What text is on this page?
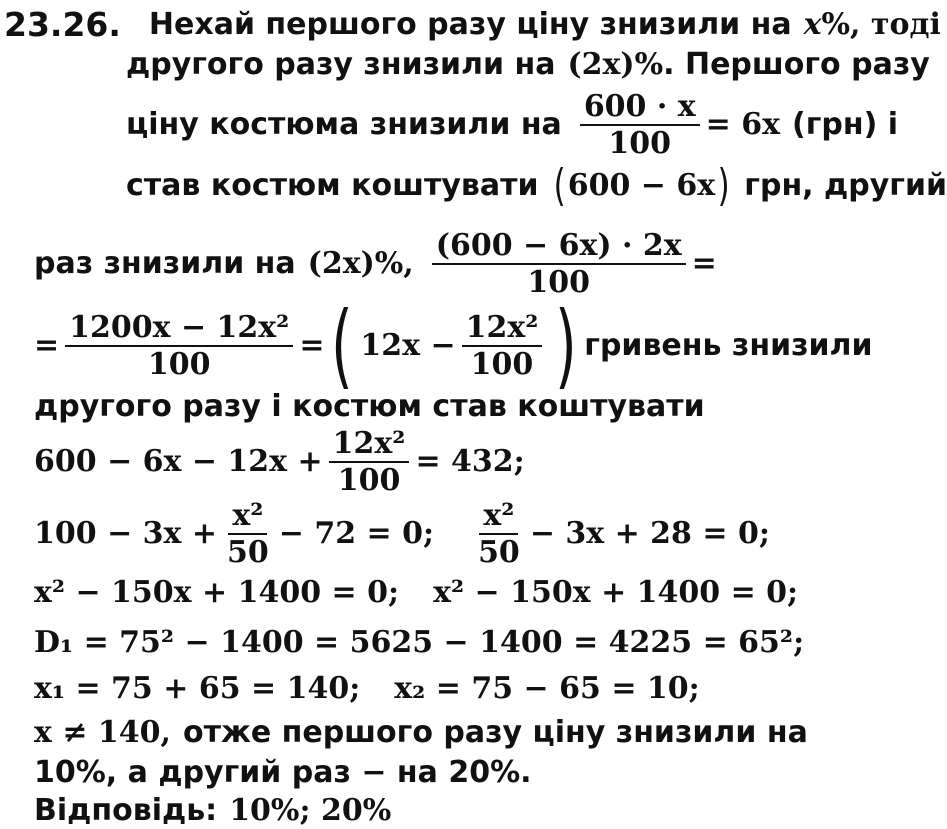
23.26. Нехай першого разу ціну знизили на x %, тоді
другого разу знизили на (2x)% . Першого разу
ціну костюма знизили на $\frac{600 \cdot x}{100} = 6x$ (грн) і
став костюм коштувати ( 600 − 6x ) грн, другий
раз знизили на (2x)%, $\frac{(600 - 6x) \cdot 2x}{100}$ =
= $\frac{\text{1200x − 12x²}}{100}$ = ( $12x - \frac{\text{12x²}}{100}$ ) гривень знизили
другого разу і костюм став коштувати
$600 - 6x - 12x + \frac{\text{12x²}}{100} = 432$;
$100 - 3x + \frac{\text{x²}}{50} - 72 = 0$; $\frac{\text{x²}}{50} - 3x + 28 = 0$;
x² − 150x + 1400 = 0; x² − 150x + 1400 = 0;
D₁ = 75² − 1400 = 5625 − 1400 = 4225 = 65²;
x₁ = 75 + 65 = 140; x₂ = 75 − 65 = 10;
x ≠ 140, отже першого разу ціну знизили на
10%, а другий раз − на 20%.
Відповідь: 10%; 20%
